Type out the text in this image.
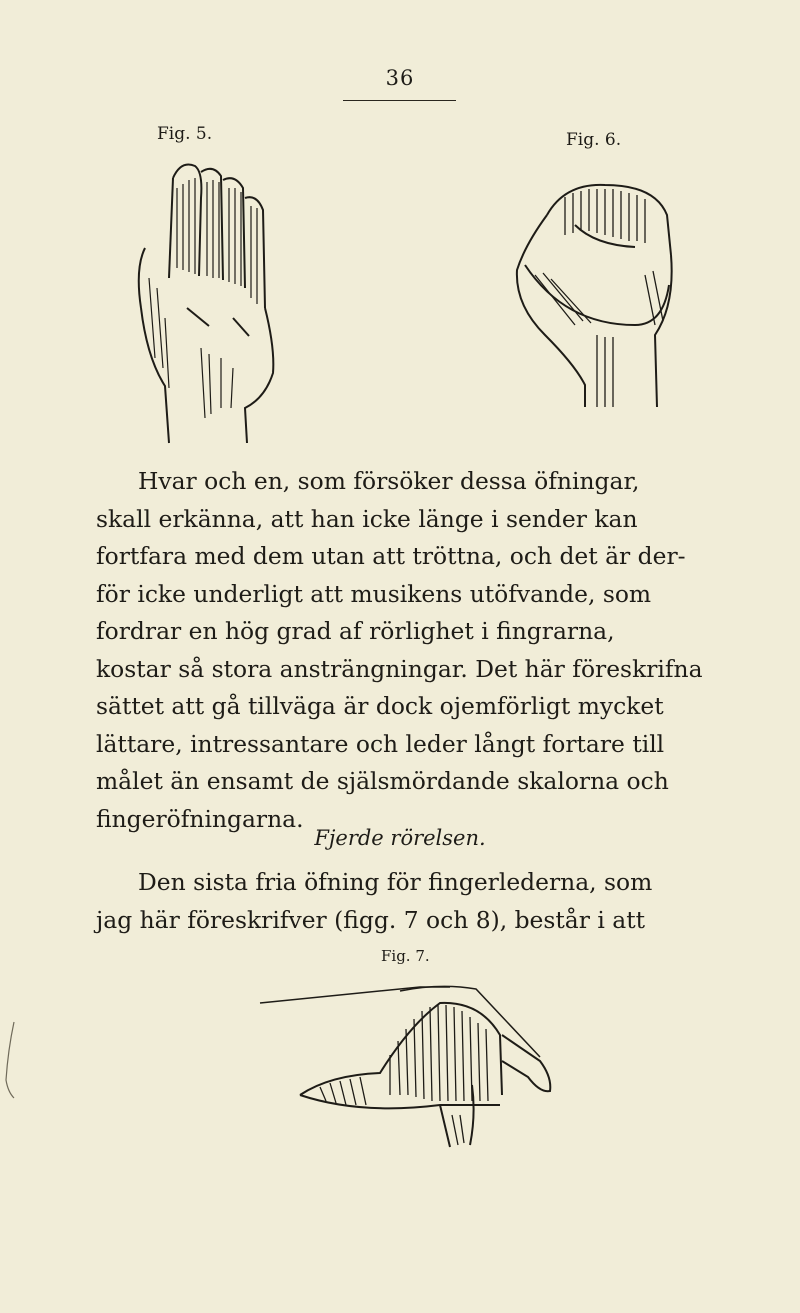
36
Fig. 5.	Fig. 6.
Hvar och en, som försöker dessa öfningar,
skall erkänna, att han icke länge i sender kan
fortfara med dem utan att tröttna, och det är der-
för icke underligt att musikens utöfvande, som
fordrar en hög grad af rörlighet i fingrarna,
kostar så stora ansträngningar. Det här föreskrifna
sättet att gå tillväga är dock ojemförligt mycket
lättare, intressantare och leder långt fortare till
målet än ensamt de själsmördande skalorna och
fingeröfningarna.
Fjerde rörelsen.
Den sista fria öfning för fingerlederna, som
jag här föreskrifver (figg. 7 och 8), består i att
Fig. 7.
